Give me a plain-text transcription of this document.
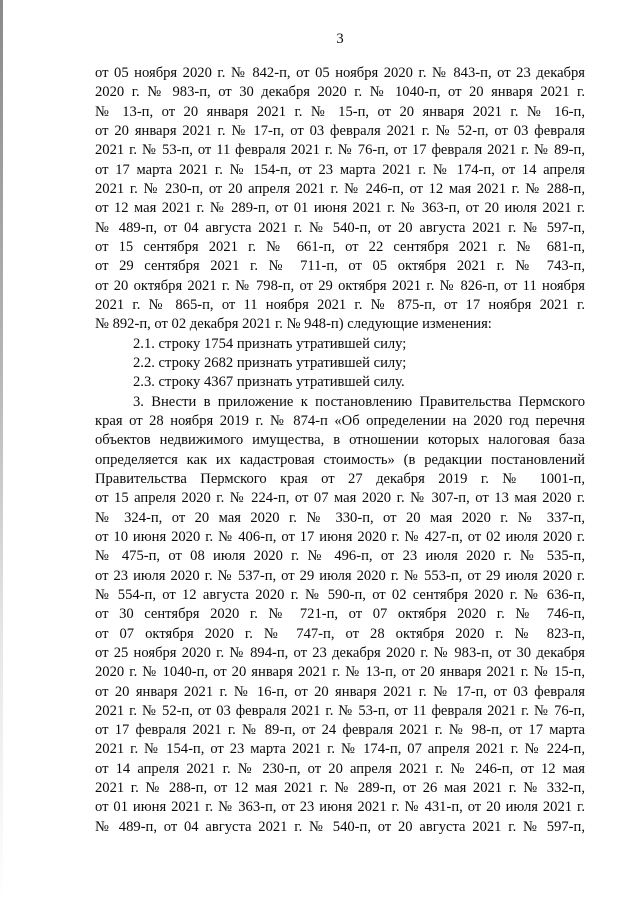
3
от 05 ноября 2020 г. № 842-п, от 05 ноября 2020 г. № 843-п, от 23 декабря
2020 г. № 983-п, от 30 декабря 2020 г. № 1040-п, от 20 января 2021 г.
№ 13-п, от 20 января 2021 г. № 15-п, от 20 января 2021 г. № 16-п,
от 20 января 2021 г. № 17-п, от 03 февраля 2021 г. № 52-п, от 03 февраля
2021 г. № 53-п, от 11 февраля 2021 г. № 76-п, от 17 февраля 2021 г. № 89-п,
от 17 марта 2021 г. № 154-п, от 23 марта 2021 г. № 174-п, от 14 апреля
2021 г. № 230-п, от 20 апреля 2021 г. № 246-п, от 12 мая 2021 г. № 288-п,
от 12 мая 2021 г. № 289-п, от 01 июня 2021 г. № 363-п, от 20 июля 2021 г.
№ 489-п, от 04 августа 2021 г. № 540-п, от 20 августа 2021 г. № 597-п,
от 15 сентября 2021 г. № 661-п, от 22 сентября 2021 г. № 681-п,
от 29 сентября 2021 г. № 711-п, от 05 октября 2021 г. № 743-п,
от 20 октября 2021 г. № 798-п, от 29 октября 2021 г. № 826-п, от 11 ноября
2021 г. № 865-п, от 11 ноября 2021 г. № 875-п, от 17 ноября 2021 г.
№ 892-п, от 02 декабря 2021 г. № 948-п) следующие изменения:
2.1. строку 1754 признать утратившей силу;
2.2. строку 2682 признать утратившей силу;
2.3. строку 4367 признать утратившей силу.
3. Внести в приложение к постановлению Правительства Пермского
края от 28 ноября 2019 г. № 874-п «Об определении на 2020 год перечня
объектов недвижимого имущества, в отношении которых налоговая база
определяется как их кадастровая стоимость» (в редакции постановлений
Правительства Пермского края от 27 декабря 2019 г. № 1001-п,
от 15 апреля 2020 г. № 224-п, от 07 мая 2020 г. № 307-п, от 13 мая 2020 г.
№ 324-п, от 20 мая 2020 г. № 330-п, от 20 мая 2020 г. № 337-п,
от 10 июня 2020 г. № 406-п, от 17 июня 2020 г. № 427-п, от 02 июля 2020 г.
№ 475-п, от 08 июля 2020 г. № 496-п, от 23 июля 2020 г. № 535-п,
от 23 июля 2020 г. № 537-п, от 29 июля 2020 г. № 553-п, от 29 июля 2020 г.
№ 554-п, от 12 августа 2020 г. № 590-п, от 02 сентября 2020 г. № 636-п,
от 30 сентября 2020 г. № 721-п, от 07 октября 2020 г. № 746-п,
от 07 октября 2020 г. № 747-п, от 28 октября 2020 г. № 823-п,
от 25 ноября 2020 г. № 894-п, от 23 декабря 2020 г. № 983-п, от 30 декабря
2020 г. № 1040-п, от 20 января 2021 г. № 13-п, от 20 января 2021 г. № 15-п,
от 20 января 2021 г. № 16-п, от 20 января 2021 г. № 17-п, от 03 февраля
2021 г. № 52-п, от 03 февраля 2021 г. № 53-п, от 11 февраля 2021 г. № 76-п,
от 17 февраля 2021 г. № 89-п, от 24 февраля 2021 г. № 98-п, от 17 марта
2021 г. № 154-п, от 23 марта 2021 г. № 174-п, 07 апреля 2021 г. № 224-п,
от 14 апреля 2021 г. № 230-п, от 20 апреля 2021 г. № 246-п, от 12 мая
2021 г. № 288-п, от 12 мая 2021 г. № 289-п, от 26 мая 2021 г. № 332-п,
от 01 июня 2021 г. № 363-п, от 23 июня 2021 г. № 431-п, от 20 июля 2021 г.
№ 489-п, от 04 августа 2021 г. № 540-п, от 20 августа 2021 г. № 597-п,
